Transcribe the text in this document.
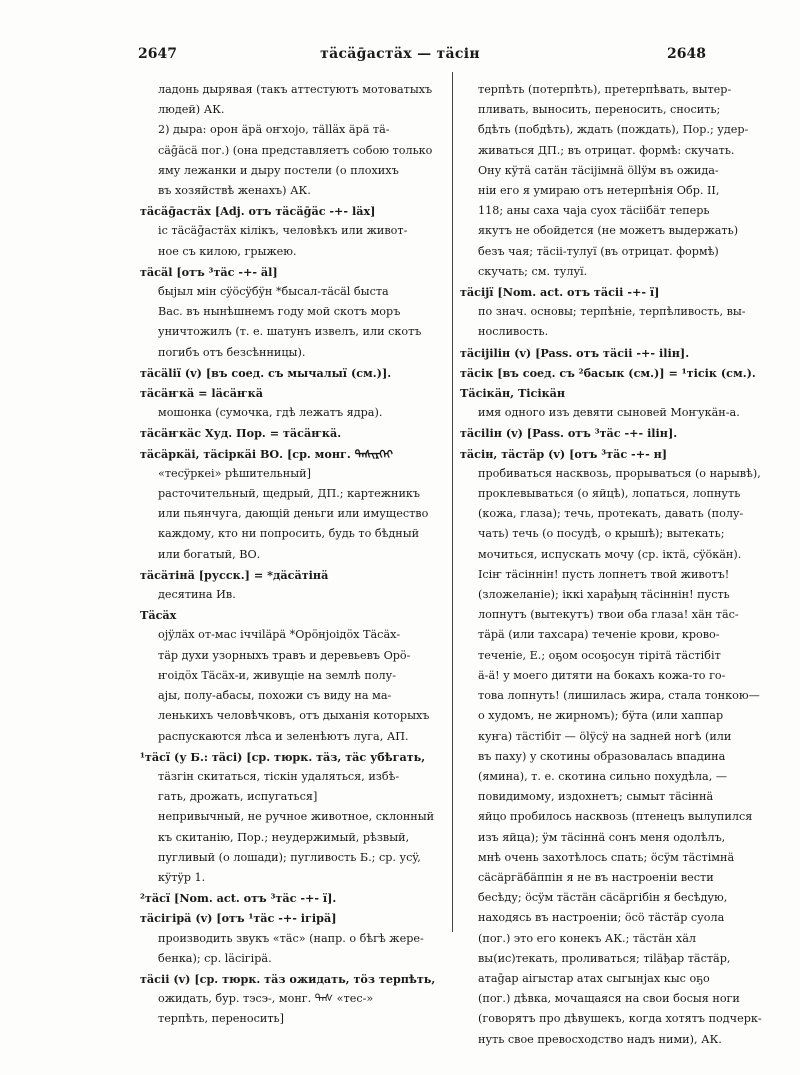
2647	тäсäḡастäх — тäсiн	2648
ладонь дырявая (такъ аттестуютъ мотоватыхъ
людей) АК.
2) дыра: орон äрä оҥхоjо, тällӓх äрä тä-
сäḡäсä пог.) (она представляетъ собою только
яму лежанки и дыру постели (о плохихъ
въ хозяйствѣ женахъ) АК.
тäсäḡастäх [Adj. отъ тäсäḡäс -+- lӓх]
iс тäсäḡастäх кiлiкъ, человѣкъ или живот-
ное съ килою, грыжею.
тäсäl [отъ ³тäс -+- äl]
быjыл мiн сÿöсÿбÿн *бысал-тäсäl быста
Вас. въ нынѣшнемъ году мой скотъ моръ
уничтожилъ (т. е. шатунъ извелъ, или скотъ
погибъ отъ безсѣнницы).
тäсäliï (v) [въ соед. съ мычалыï (см.)].
тäсäҥкä = lӓсäҥкä
мошонка (сумочка, гдѣ лежатъ ядра).
тäсäҥкäс Худ. Пор. = тäсäҥкä.
тäсäркäi, тäсiркäi ВО. [ср. монг. ᠲᠡᠰᠢᠷᠬᠡᠢ
«тесÿркеi» рѣшительный]
расточительный, щедрый, ДП.; картежникъ
или пьянчуга, дающiй деньги или имущество
каждому, кто ни попросить, будь то бѣдный
или богатый, ВО.
тäсäтiнä [русск.] = *дäсäтiнä
десятина Ив.
Тäсäх
оjÿлäх от-мас iччiläрä *Орӧнjоiдӧх Тäсäх-
тäр духи узорныхъ травъ и деревьевъ Орӧ-
ҥоiдӧх Тäсäх-и, живущiе на землѣ полу-
аjы, полу-абасы, похожи съ виду на ма-
ленькихъ человѣчковъ, отъ дыханiя которыхъ
распускаются лѣса и зеленѣютъ луга, АП.
¹тäсï (у Б.: тäсi) [ср. тюрк. тäз, тäс убѣгать,
тäзгiн скитаться, тiскiн удаляться, избѣ-
гать, дрожать, испугаться]
непривычный, не ручное животное, склонный
къ скитанiю, Пор.; неудержимый, рѣзвый,
пугливый (о лошади); пугливость Б.; ср. усÿ,
кÿтÿр 1.
²тäсï [Nom. act. отъ ³тäс -+- ï].
тäсiгiрä (v) [отъ ¹тäс -+- iгiрä]
производить звукъ «тäс» (напр. о бѣгѣ жере-
бенка); ср. lӓсiгiрä.
тäсii (v) [ср. тюрк. тäз ожидать, тӧз терпѣть,
ожидать, бур. тэсэ-, монг. ᠲᠡᠰ «тес-»
терпѣть, переносить]
терпѣть (потерпѣть), претерпѣвать, вытер-
пливать, выносить, переносить, сносить;
бдѣть (побдѣть), ждать (пождать), Пор.; удер-
живаться ДП.; въ отрицат. формѣ: скучать.
Ону кÿтä сатäн тäсijiмнä öllÿм въ ожида-
нiи его я умираю отъ нетерпѣнiя Обр. II,
118; аны саха чаjа суох тäсiiбäт теперь
якутъ не обойдется (не можетъ выдержать)
безъ чая; тäсii-тулуï (въ отрицат. формѣ)
скучать; см. тулуï.
тäсijï [Nom. act. отъ тäсii -+- ï]
по знач. основы; терпѣнiе, терпѣливость, вы-
носливость.
тäсijiliн (v) [Pass. отъ тäсii -+- iliн].
тäсiк [въ соед. съ ²басык (см.)] = ¹тiсiк (см.).
Тäсiкäн, Тiсiкäн
имя одного изъ девяти сыновей Моҥукäн-а.
тäсiliн (v) [Pass. отъ ³тäс -+- iliн].
тäсiн, тäстäр (v) [отъ ³тäс -+- н]
пробиваться насквозь, прорываться (о нарывѣ),
проклевываться (о яйцѣ), лопаться, лопнуть
(кожа, глаза); течь, протекать, давать (полу-
чать) течь (о посудѣ, о крышѣ); вытекать;
мочиться, испускать мочу (ср. iктä, сÿöкäн).
Iсiҥ тäсiннiн! пусть лопнетъ твой животъ!
(зложеланiе); iккi харађың тäсiннiн! пусть
лопнутъ (вытекутъ) твои оба глаза! хäн тäс-
тäрä (или тахсара) теченiе крови, крово-
теченiе, Е.; оҕом осоҕосун тiрiтä тäстiбiт
ä-ä! у моего дитяти на бокахъ кожа-то го-
това лопнуть! (лишилась жира, стала тонкою—
о худомъ, не жирномъ); бÿта (или хаппар
куҥа) тäстiбiт — ölÿсÿ на задней ногѣ (или
въ паху) у скотины образовалась впадина
(ямина), т. е. скотина сильно похудѣла, —
повидимому, издохнетъ; сымыт тäсiннä
яйцо пробилось насквозь (птенецъ вылупился
изъ яйца); ÿм тäсiннä сонъ меня одолѣлъ,
мнѣ очень захотѣлось спать; öсÿм тäстiмнä
сäсäргäбäппiн я не въ настроенiи вести
бесѣду; öсÿм тäстäн сäсäргiбiн я бесѣдую,
находясь въ настроенiи; öсö тäстäр суола
(пог.) это его конекъ АК.; тäстäн хäл
вы(ис)текать, проливаться; тiläђар тäстäр,
атаḡар аiгыстар атах сыгынjах кыс оҕо
(пог.) дѣвка, мочащаяся на свои босыя ноги
(говорятъ про дѣвушекъ, когда хотятъ подчерк-
нуть свое превосходство надъ ними), АК.
